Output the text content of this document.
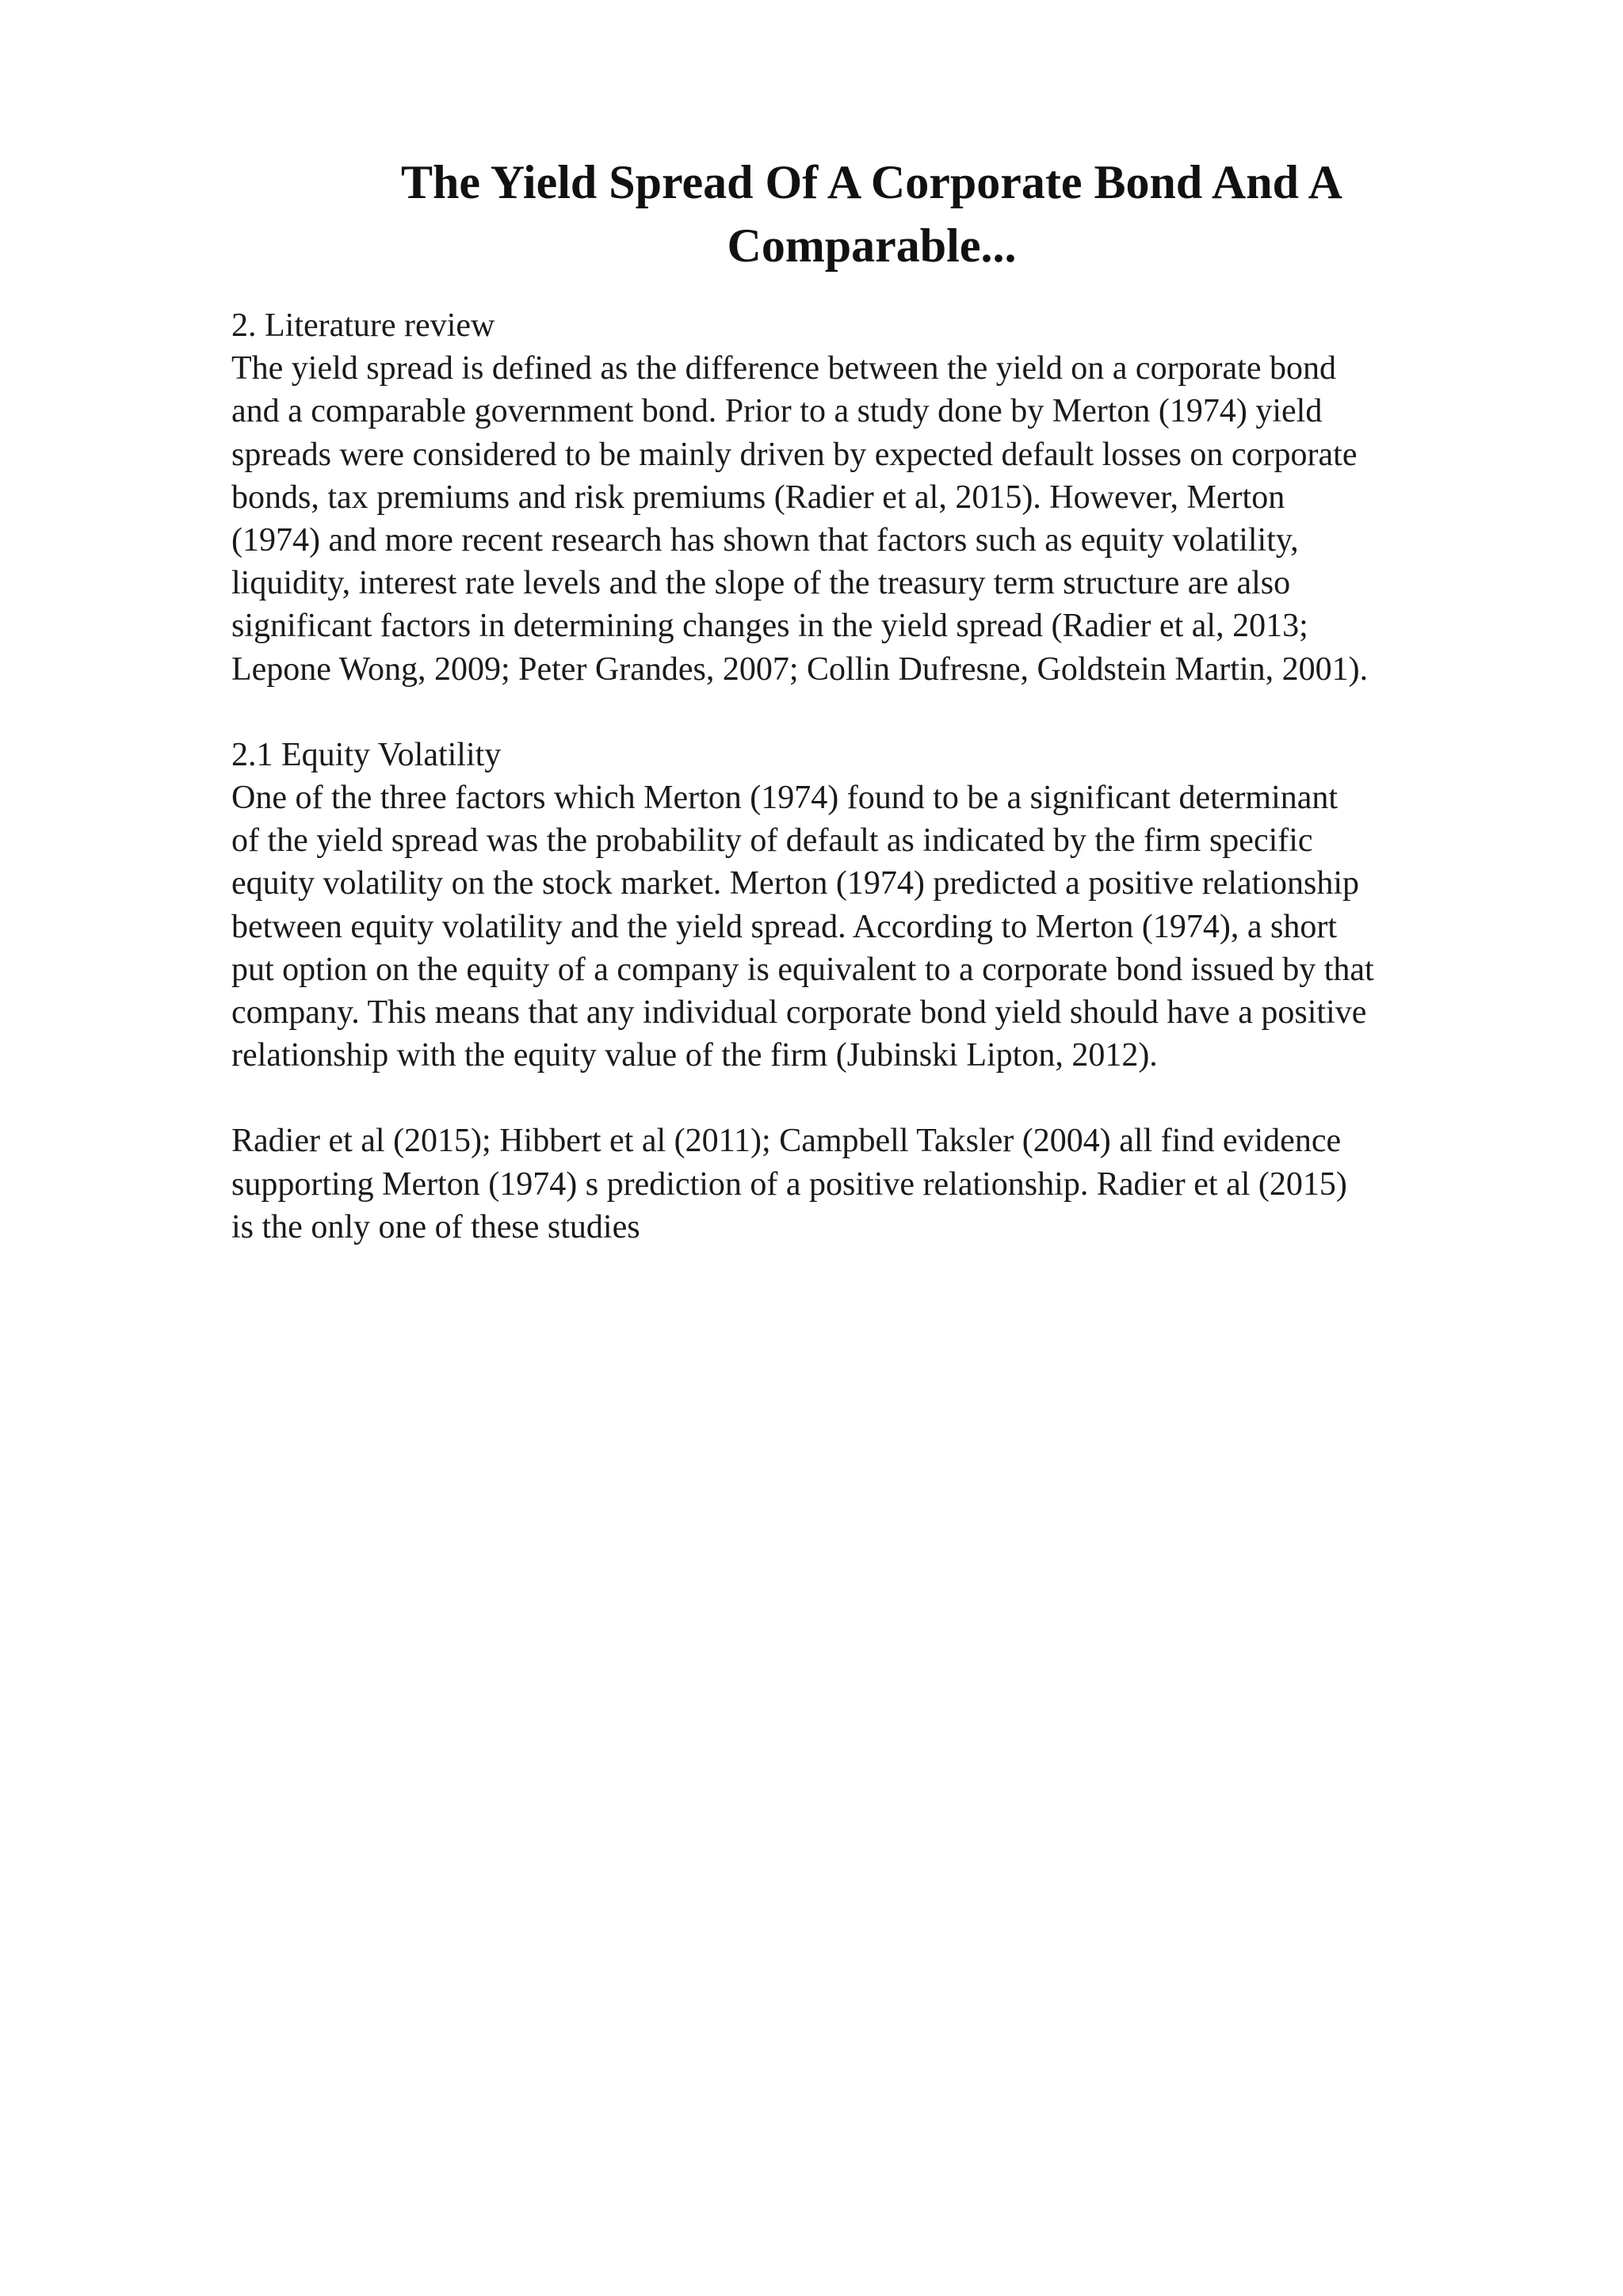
The Yield Spread Of A Corporate Bond And A
Comparable...
2. Literature review
The yield spread is defined as the difference between the yield on a corporate bond
and a comparable government bond. Prior to a study done by Merton (1974) yield
spreads were considered to be mainly driven by expected default losses on corporate
bonds, tax premiums and risk premiums (Radier et al, 2015). However, Merton
(1974) and more recent research has shown that factors such as equity volatility,
liquidity, interest rate levels and the slope of the treasury term structure are also
significant factors in determining changes in the yield spread (Radier et al, 2013;
Lepone Wong, 2009; Peter Grandes, 2007; Collin Dufresne, Goldstein Martin, 2001).
2.1 Equity Volatility
One of the three factors which Merton (1974) found to be a significant determinant
of the yield spread was the probability of default as indicated by the firm specific
equity volatility on the stock market. Merton (1974) predicted a positive relationship
between equity volatility and the yield spread. According to Merton (1974), a short
put option on the equity of a company is equivalent to a corporate bond issued by that
company. This means that any individual corporate bond yield should have a positive
relationship with the equity value of the firm (Jubinski Lipton, 2012).
Radier et al (2015); Hibbert et al (2011); Campbell Taksler (2004) all find evidence
supporting Merton (1974) s prediction of a positive relationship. Radier et al (2015)
is the only one of these studies
